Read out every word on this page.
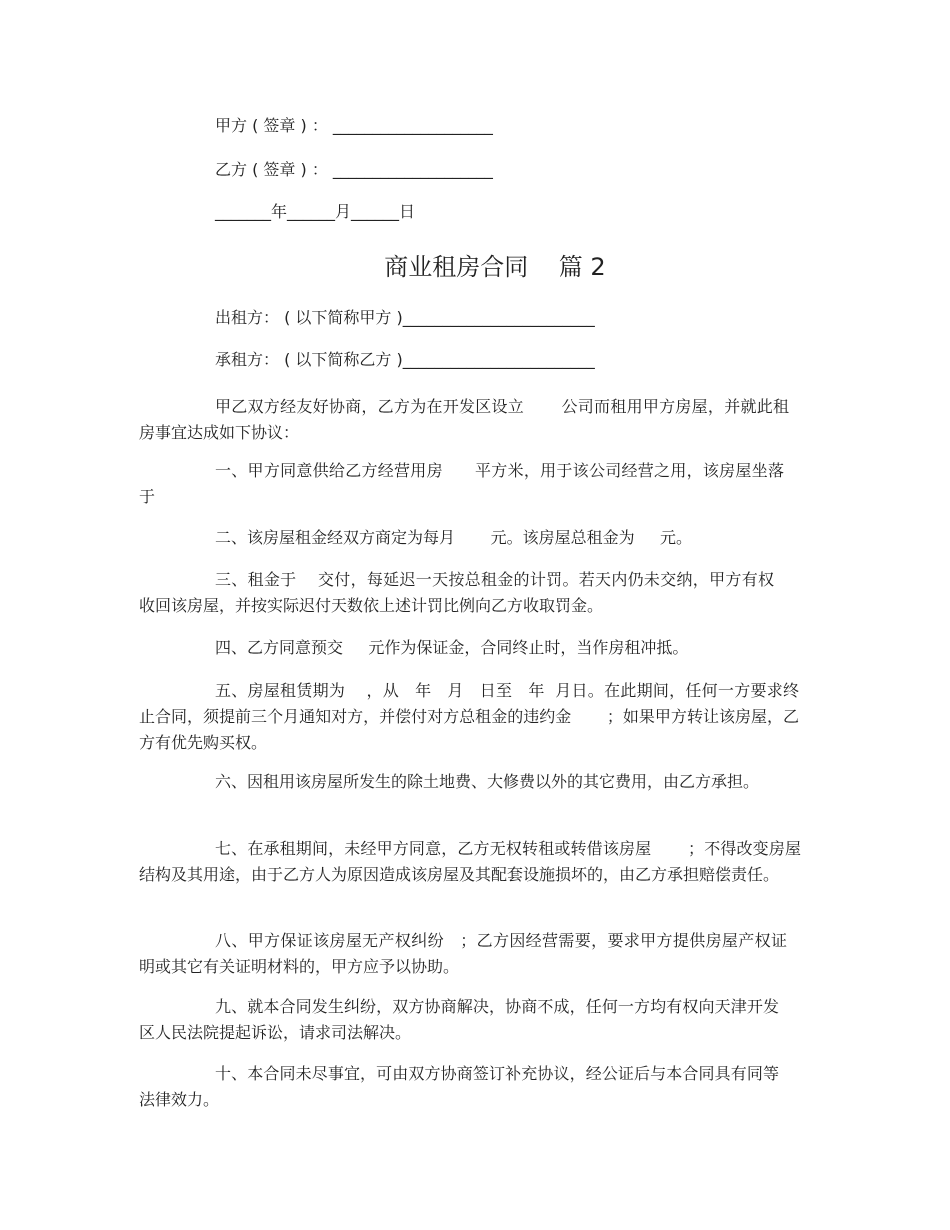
甲方 ( 签章 ) ： ____________________
乙方 ( 签章 ) ： ____________________
_______年______月______日
商业租房合同    篇 2
出租方： ( 以下简称甲方 )________________________
承租方： ( 以下简称乙方 )________________________
甲乙双方经友好协商，乙方为在开发区设立       公司而租用甲方房屋，并就此租房事宜达成如下协议：
一、甲方同意供给乙方经营用房      平方米，用于该公司经营之用，该房屋坐落于
二、该房屋租金经双方商定为每月       元。该房屋总租金为     元。
三、租金于    交付，每延迟一天按总租金的计罚。若天内仍未交纳，甲方有权收回该房屋，并按实际迟付天数依上述计罚比例向乙方收取罚金。
四、乙方同意预交     元作为保证金，合同终止时，当作房租冲抵。
五、房屋租赁期为    ，从   年   月   日至   年  月日。在此期间，任何一方要求终止合同，须提前三个月通知对方，并偿付对方总租金的违约金       ；如果甲方转让该房屋，乙方有优先购买权。
六、因租用该房屋所发生的除土地费、大修费以外的其它费用，由乙方承担。
七、在承租期间，未经甲方同意，乙方无权转租或转借该房屋       ；不得改变房屋结构及其用途，由于乙方人为原因造成该房屋及其配套设施损坏的，由乙方承担赔偿责任。
八、甲方保证该房屋无产权纠纷   ；乙方因经营需要，要求甲方提供房屋产权证明或其它有关证明材料的，甲方应予以协助。
九、就本合同发生纠纷，双方协商解决，协商不成，任何一方均有权向天津开发区人民法院提起诉讼，请求司法解决。
十、本合同未尽事宜，可由双方协商签订补充协议，经公证后与本合同具有同等法律效力。
